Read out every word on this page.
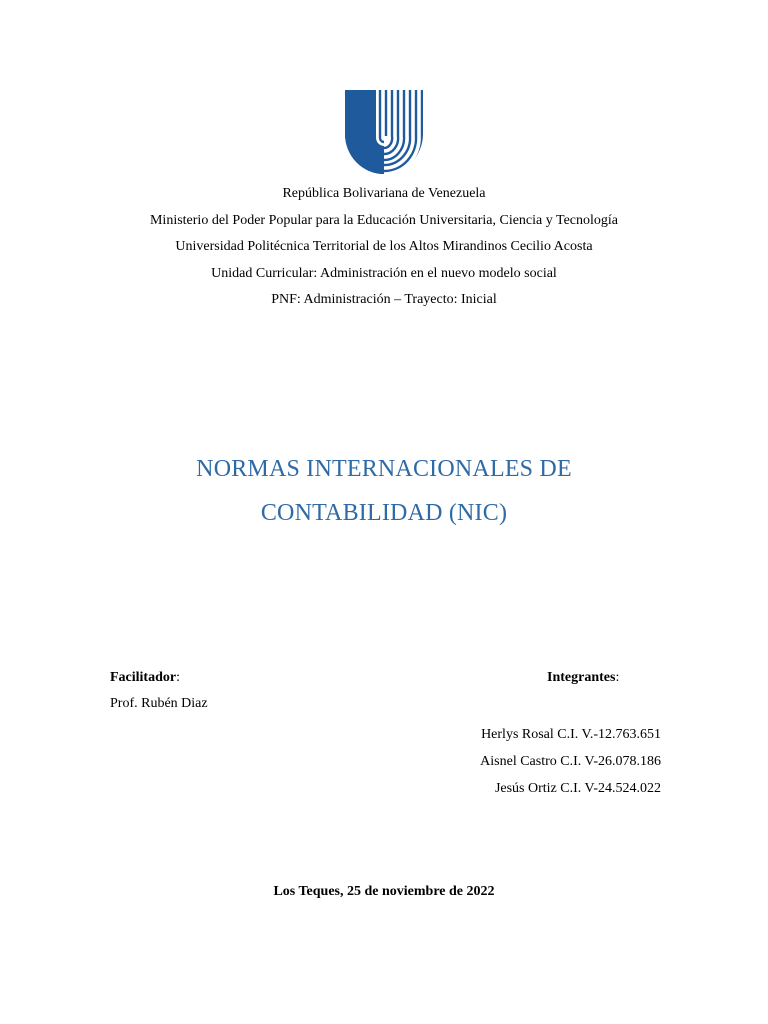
República Bolivariana de Venezuela
Ministerio del Poder Popular para la Educación Universitaria, Ciencia y Tecnología
Universidad Politécnica Territorial de los Altos Mirandinos Cecilio Acosta
Unidad Curricular: Administración en el nuevo modelo social
PNF: Administración – Trayecto: Inicial
NORMAS INTERNACIONALES DE
CONTABILIDAD (NIC)
Facilitador:
Prof. Rubén Diaz
Integrantes:
Herlys Rosal C.I. V.-12.763.651
Aisnel Castro C.I. V-26.078.186
Jesús Ortiz C.I. V-24.524.022
Los Teques, 25 de noviembre de 2022
